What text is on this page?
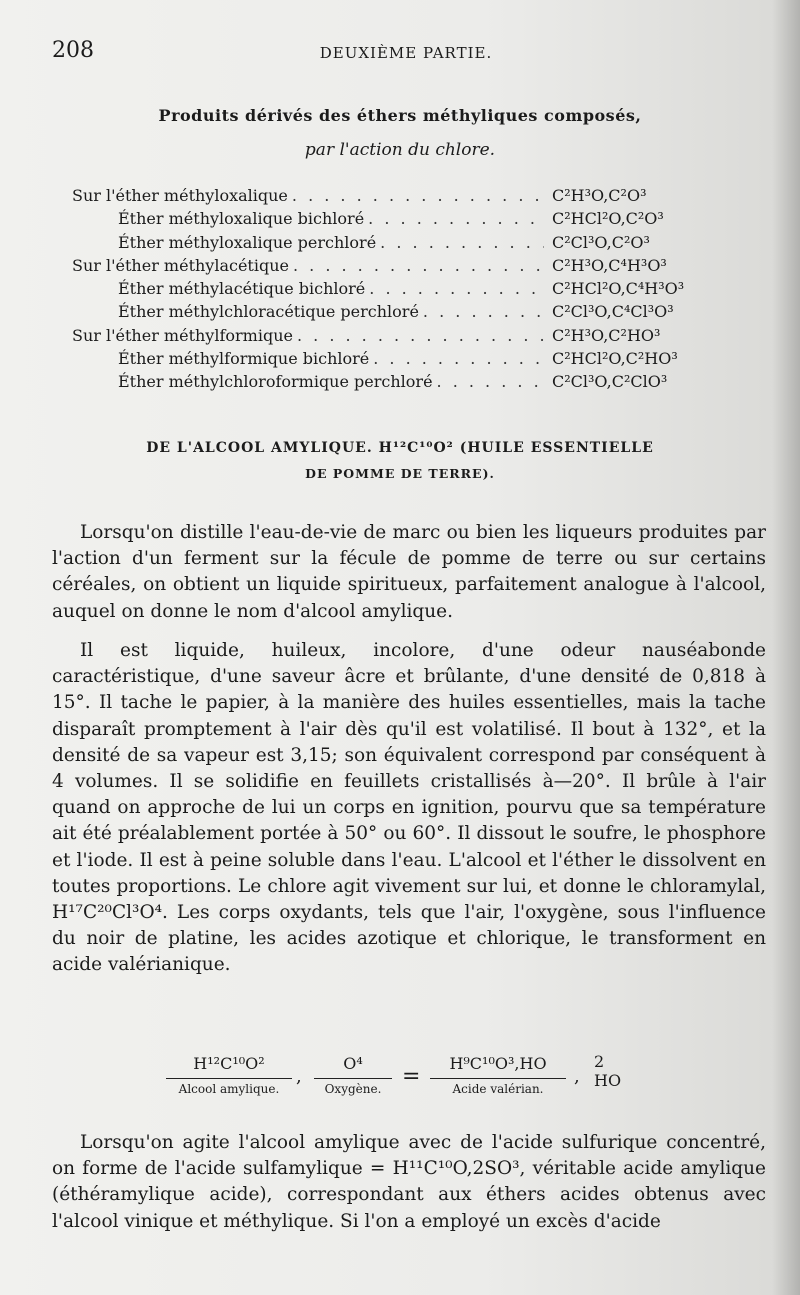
208	DEUXIÈME PARTIE.
Produits dérivés des éthers méthyliques composés,
par l'action du chlore.
Sur l'éther méthyloxalique . . .	C²H³O,C²O³
Éther méthyloxalique bichloré . . .	C²HCl²O,C²O³
Éther méthyloxalique perchloré . . .	C²Cl³O,C²O³
Sur l'éther méthylacétique . . .	C²H³O,C⁴H³O³
Éther méthylacétique bichloré . . .	C²HCl²O,C⁴H³O³
Éther méthylchloracétique perchloré . . .	C²Cl³O,C⁴Cl³O³
Sur l'éther méthylformique . . .	C²H³O,C²HO³
Éther méthylformique bichloré . . .	C²HCl²O,C²HO³
Éther méthylchloroformique perchloré . . .	C²Cl³O,C²ClO³
DE L'ALCOOL AMYLIQUE. H¹²C¹⁰O² (HUILE ESSENTIELLE
DE POMME DE TERRE).
Lorsqu'on distille l'eau-de-vie de marc ou bien les liqueurs produites par l'action d'un ferment sur la fécule de pomme de terre ou sur certains céréales, on obtient un liquide spiritueux, parfaitement analogue à l'alcool, auquel on donne le nom d'alcool amylique.
Il est liquide, huileux, incolore, d'une odeur nauséabonde caractéristique, d'une saveur âcre et brûlante, d'une densité de 0,818 à 15°. Il tache le papier, à la manière des huiles essentielles, mais la tache disparaît promptement à l'air dès qu'il est volatilisé. Il bout à 132°, et la densité de sa vapeur est 3,15; son équivalent correspond par conséquent à 4 volumes. Il se solidifie en feuillets cristallisés à—20°. Il brûle à l'air quand on approche de lui un corps en ignition, pourvu que sa température ait été préalablement portée à 50° ou 60°. Il dissout le soufre, le phosphore et l'iode. Il est à peine soluble dans l'eau. L'alcool et l'éther le dissolvent en toutes proportions. Le chlore agit vivement sur lui, et donne le chloramylal, H¹⁷C²⁰Cl³O⁴. Les corps oxydants, tels que l'air, l'oxygène, sous l'influence du noir de platine, les acides azotique et chlorique, le transforment en acide valérianique.
H¹²C¹⁰O²
Alcool amylique.
,
O⁴
Oxygène. =
H⁹C¹⁰O³,HO
Acide valérian.
,
2 HO
Lorsqu'on agite l'alcool amylique avec de l'acide sulfurique concentré, on forme de l'acide sulfamylique = H¹¹C¹⁰O,2SO³, véritable acide amylique (éthéramylique acide), correspondant aux éthers acides obtenus avec l'alcool vinique et méthylique. Si l'on a employé un excès d'acide
